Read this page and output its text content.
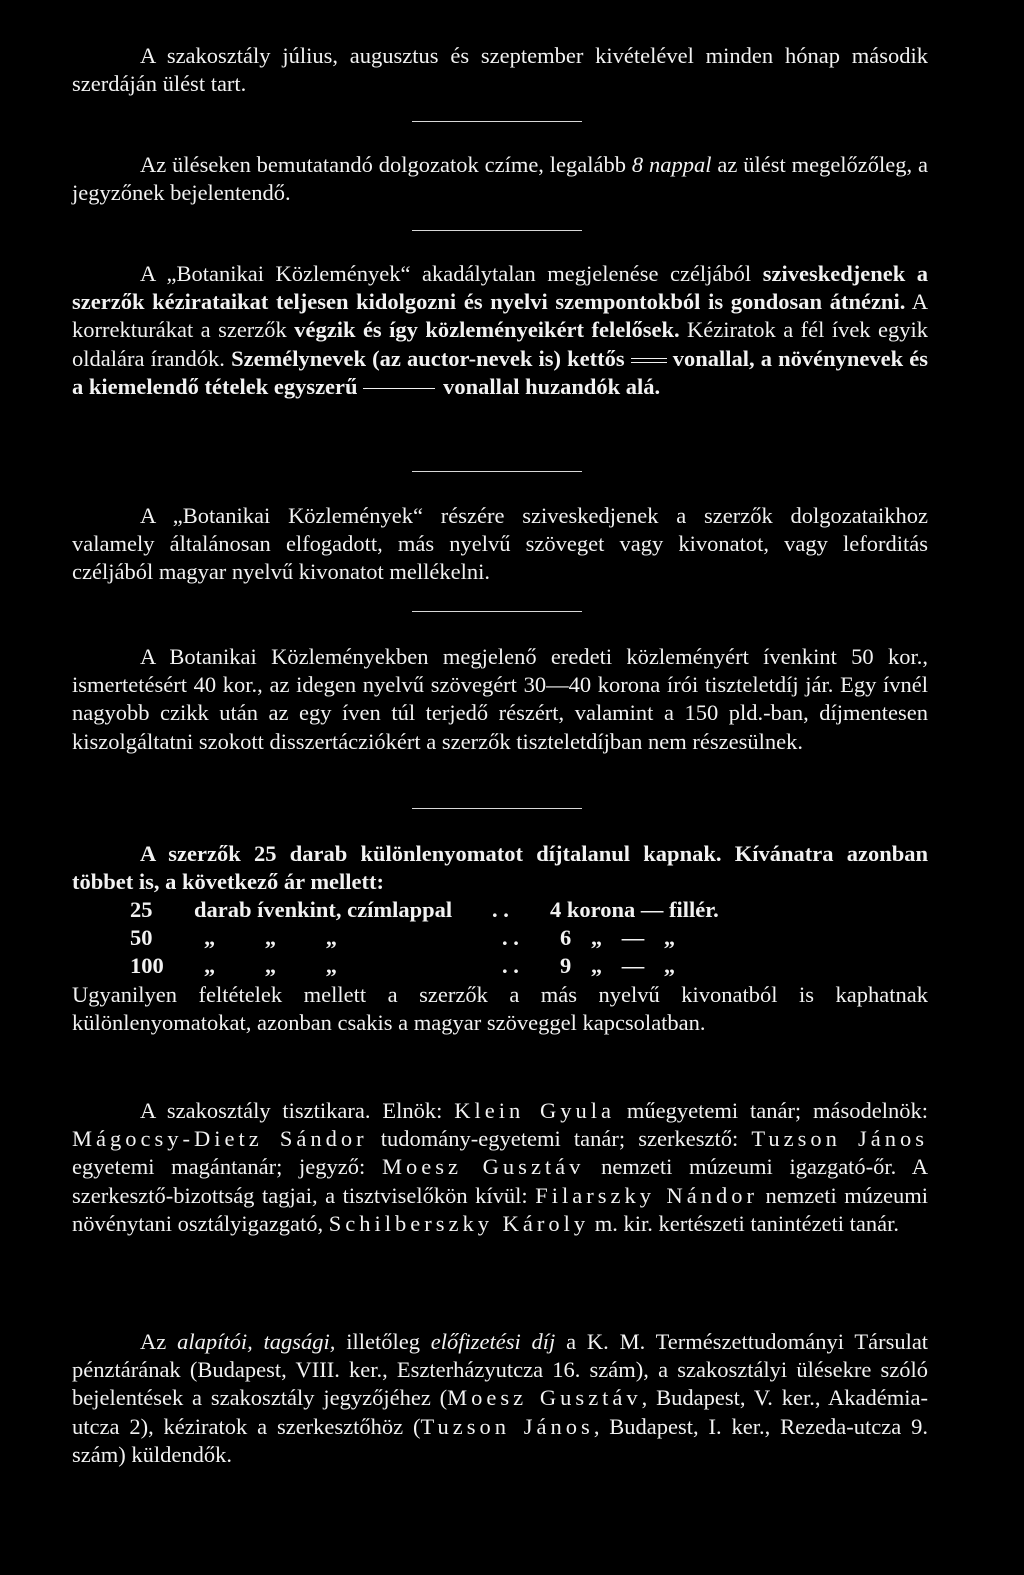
A szakosztály július, augusztus és szeptember kivételével minden hónap második szerdáján ülést tart.

Az üléseken bemutatandó dolgozatok czíme, legalább 8 nappal az ülést megelőzőleg, a jegyzőnek bejelentendő.

A „Botanikai Közlemények“ akadálytalan megjelenése czéljából sziveskedjenek a szerzők kézirataikat teljesen kidolgozni és nyelvi szempontokból is gondosan átnézni. A korrekturákat a szerzők végzik és így közleményeikért felelősek. Kéziratok a fél ívek egyik oldalára írandók. Személynevek (az auctor-nevek is) kettős vonallal, a növénynevek és a kiemelendő tételek egyszerű	vonallal huzandók alá.

A „Botanikai Közlemények“ részére sziveskedjenek a szerzők dolgozataikhoz valamely általánosan elfogadott, más nyelvű szöveget vagy kivonatot, vagy leforditás czéljából magyar nyelvű kivonatot mellékelni.

A Botanikai Közleményekben megjelenő eredeti közleményért ívenkint 50 kor., ismertetésért 40 kor., az idegen nyelvű szövegért 30—40 korona írói tiszteletdíj jár. Egy ívnél nagyobb czikk után az egy íven túl terjedő részért, valamint a 150 pld.-ban, díjmentesen kiszolgáltatni szokott disszertácziókért a szerzők tiszteletdíjban nem részesülnek.

A szerzők 25 darab különlenyomatot díjtalanul kapnak. Kívánatra azonban többet is, a következő ár mellett:

25	darab ívenkint, czímlappal	. .	4 korona — fillér.
50	„ „ „	. .	6 „ — „
100	„ „ „	. .	9 „ — „

Ugyanilyen feltételek mellett a szerzők a más nyelvű kivonatból is kaphatnak különlenyomatokat, azonban csakis a magyar szöveggel kapcsolatban.

A szakosztály tisztikara. Elnök: Klein Gyula műegyetemi tanár; másodelnök: Mágocsy-Dietz Sándor tudomány-egyetemi tanár; szerkesztő: Tuzson János egyetemi magántanár; jegyző: Moesz Gusztáv nemzeti múzeumi igazgató-őr. A szerkesztő-bizottság tagjai, a tisztviselőkön kívül: Filarszky Nándor nemzeti múzeumi növénytani osztályigazgató, Schilberszky Károly m. kir. kertészeti tanintézeti tanár.

Az alapítói, tagsági, illetőleg előfizetési díj a K. M. Természettudományi Társulat pénztárának (Budapest, VIII. ker., Eszterházyutcza 16. szám), a szakosztályi ülésekre szóló bejelentések a szakosztály jegyzőjéhez (Moesz Gusztáv, Budapest, V. ker., Akadémia-utcza 2), kéziratok a szerkesztőhöz (Tuzson János, Budapest, I. ker., Rezeda-utcza 9. szám) küldendők.
